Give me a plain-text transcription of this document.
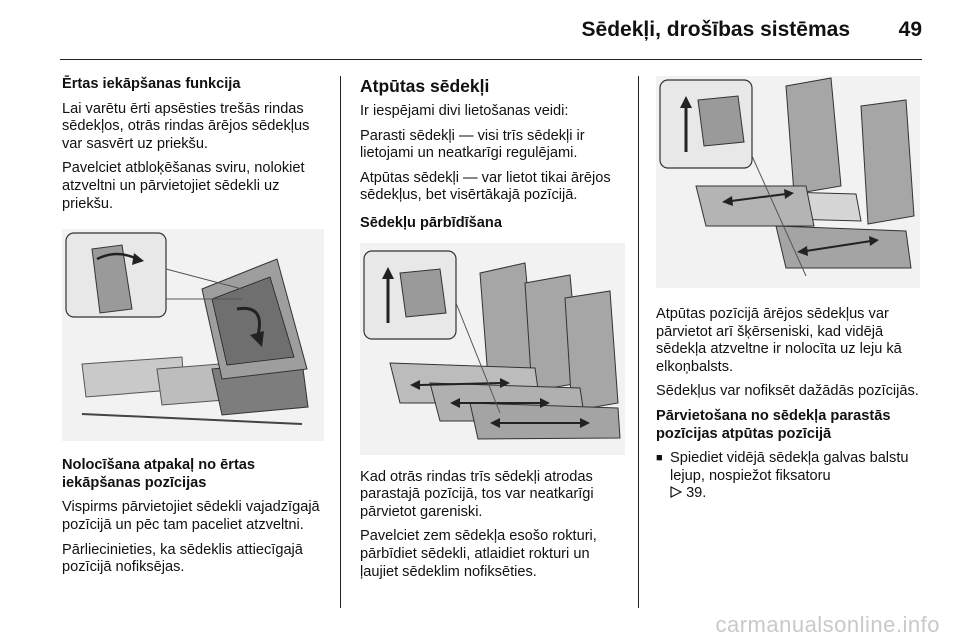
Sēdekļi, drošības sistēmas	49

Ērtas iekāpšanas funkcija

Lai varētu ērti apsēsties trešās rindas sēdekļos, otrās rindas ārējos sēdekļus var sasvērt uz priekšu.

Pavelciet atbloķēšanas sviru, nolokiet atzveltni un pārvietojiet sēdekli uz priekšu.

Nolocīšana atpakaļ no ērtas iekāpšanas pozīcijas

Vispirms pārvietojiet sēdekli vajadzīgajā pozīcijā un pēc tam paceliet atzveltni.

Pārliecinieties, ka sēdeklis attiecīgajā pozīcijā nofiksējas.

Atpūtas sēdekļi

Ir iespējami divi lietošanas veidi:

Parasti sēdekļi — visi trīs sēdekļi ir lietojami un neatkarīgi regulējami.

Atpūtas sēdekļi — var lietot tikai ārējos sēdekļus, bet visērtākajā pozīcijā.

Sēdekļu pārbīdīšana

Kad otrās rindas trīs sēdekļi atrodas parastajā pozīcijā, tos var neatkarīgi pārvietot gareniski.

Pavelciet zem sēdekļa esošo rokturi, pārbīdiet sēdekli, atlaidiet rokturi un ļaujiet sēdeklim nofiksēties.

Atpūtas pozīcijā ārējos sēdekļus var pārvietot arī šķērseniski, kad vidējā sēdekļa atzveltne ir nolocīta uz leju kā elkoņbalsts.

Sēdekļus var nofiksēt dažādās pozīcijās.

Pārvietošana no sēdekļa parastās pozīcijas atpūtas pozīcijā

■ Spiediet vidējā sēdekļa galvas balstu lejup, nospiežot fiksatoru
39.
carmanualsonline.info
